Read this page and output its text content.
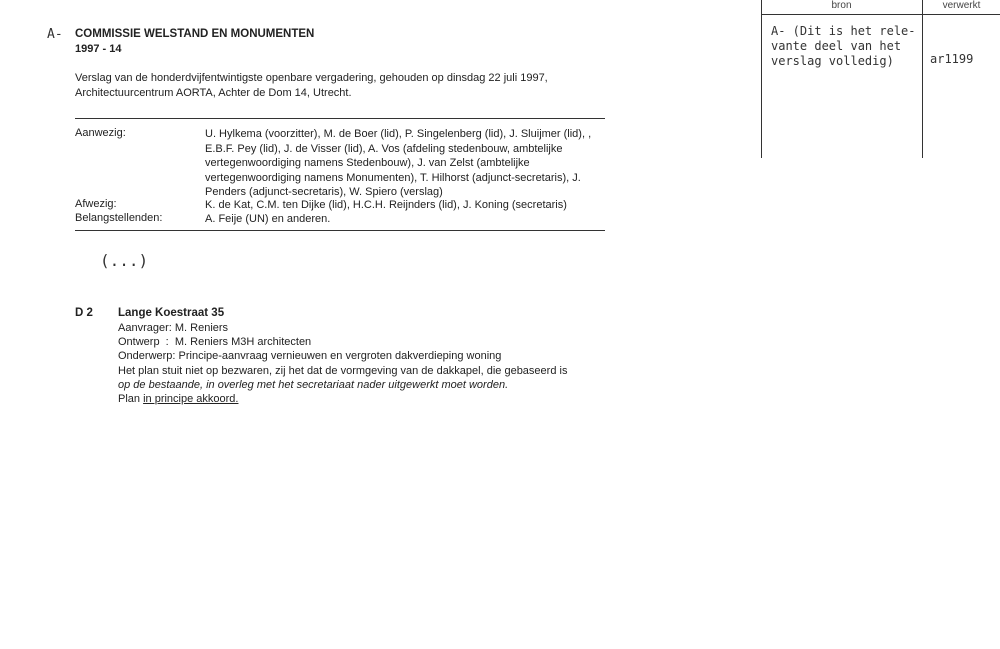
bron	verwerkt
A- (Dit is het rele-
vante deel van het
verslag volledig)	ar1199
A- COMMISSIE WELSTAND EN MONUMENTEN
1997 - 14
Verslag van de honderdvijfentwintigste openbare vergadering, gehouden op dinsdag 22 juli 1997,
Architectuurcentrum AORTA, Achter de Dom 14, Utrecht.
Aanwezig:	U. Hylkema (voorzitter), M. de Boer (lid), P. Singelenberg (lid), J. Sluijmer (lid), , E.B.F. Pey (lid), J. de Visser (lid), A. Vos (afdeling stedenbouw, ambtelijke vertegenwoordiging namens Stedenbouw), J. van Zelst (ambtelijke vertegenwoordiging namens Monumenten), T. Hilhorst (adjunct-secretaris), J. Penders (adjunct-secretaris), W. Spiero (verslag)
Afwezig:	K. de Kat, C.M. ten Dijke (lid), H.C.H. Reijnders (lid), J. Koning (secretaris)
Belangstellenden:	A. Feije (UN) en anderen.
(...)
D 2 Lange Koestraat 35
Aanvrager: M. Reniers
Ontwerp  :  M. Reniers M3H architecten
Onderwerp: Principe-aanvraag vernieuwen en vergroten dakverdieping woning
Het plan stuit niet op bezwaren, zij het dat de vormgeving van de dakkapel, die gebaseerd is
op de bestaande, in overleg met het secretariaat nader uitgewerkt moet worden.
Plan in principe akkoord.
